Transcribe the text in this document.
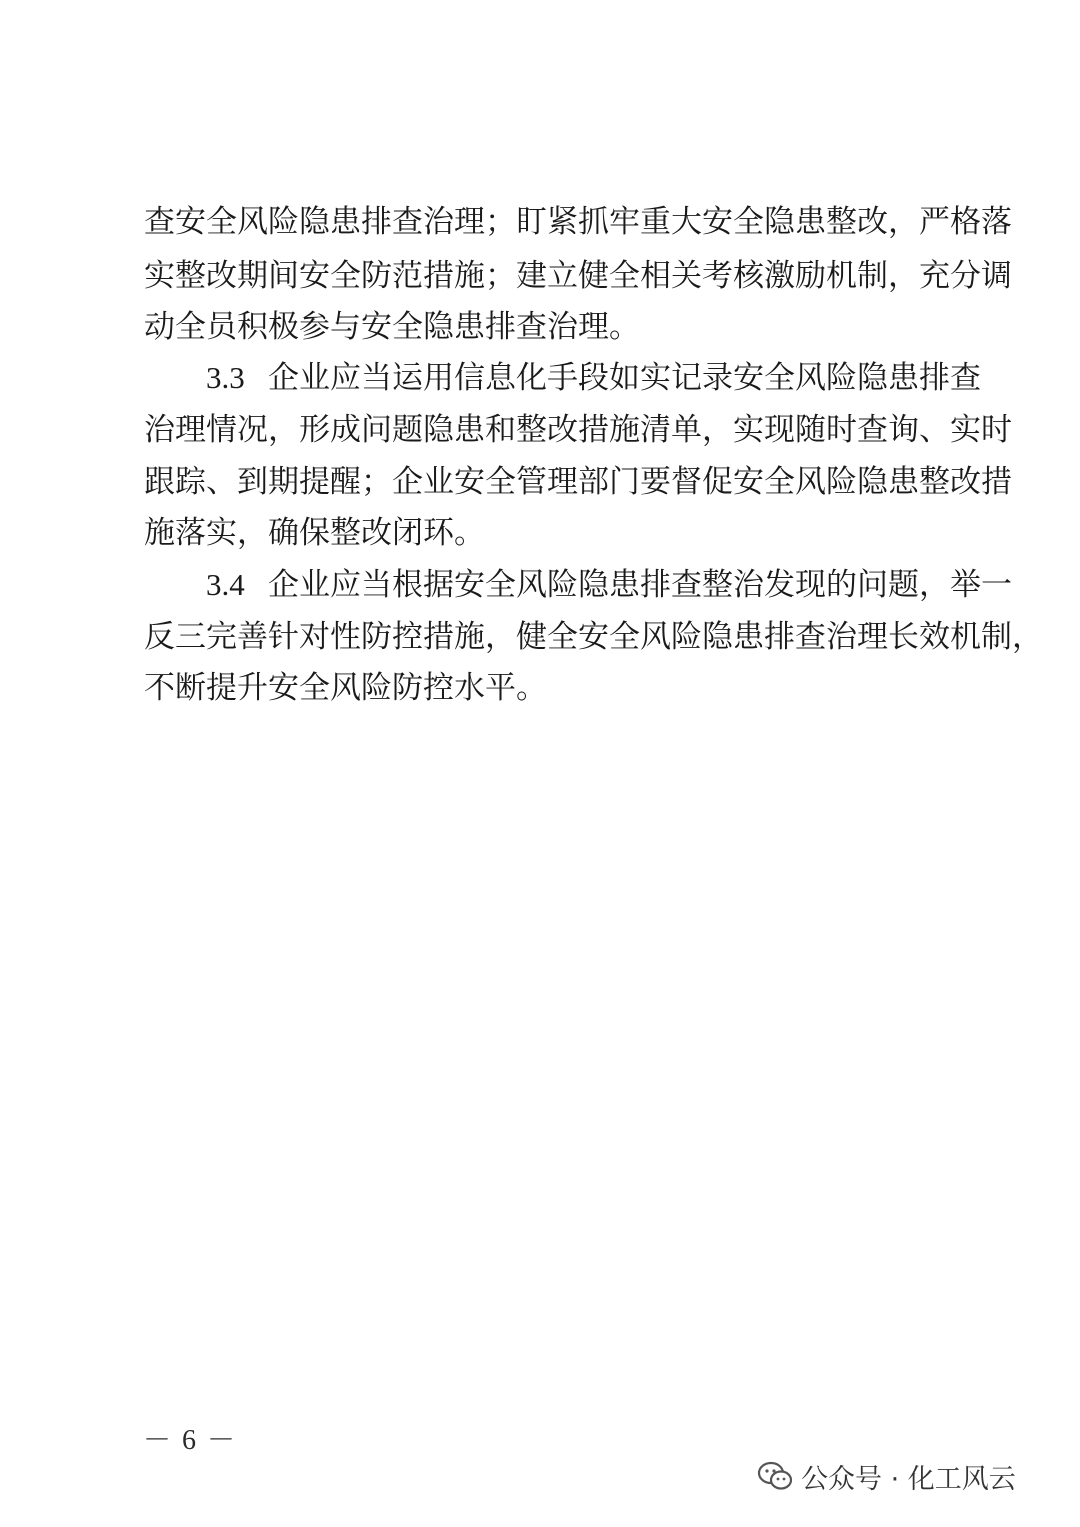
查安全风险隐患排查治理；盯紧抓牢重大安全隐患整改，严格落
实整改期间安全防范措施；建立健全相关考核激励机制，充分调
动全员积极参与安全隐患排查治理。
3.3 企业应当运用信息化手段如实记录安全风险隐患排查
治理情况，形成问题隐患和整改措施清单，实现随时查询、实时
跟踪、到期提醒；企业安全管理部门要督促安全风险隐患整改措
施落实，确保整改闭环。
3.4 企业应当根据安全风险隐患排查整治发现的问题，举一
反三完善针对性防控措施，健全安全风险隐患排查治理长效机制，
不断提升安全风险防控水平。
－ 6 －
公众号 · 化工风云
